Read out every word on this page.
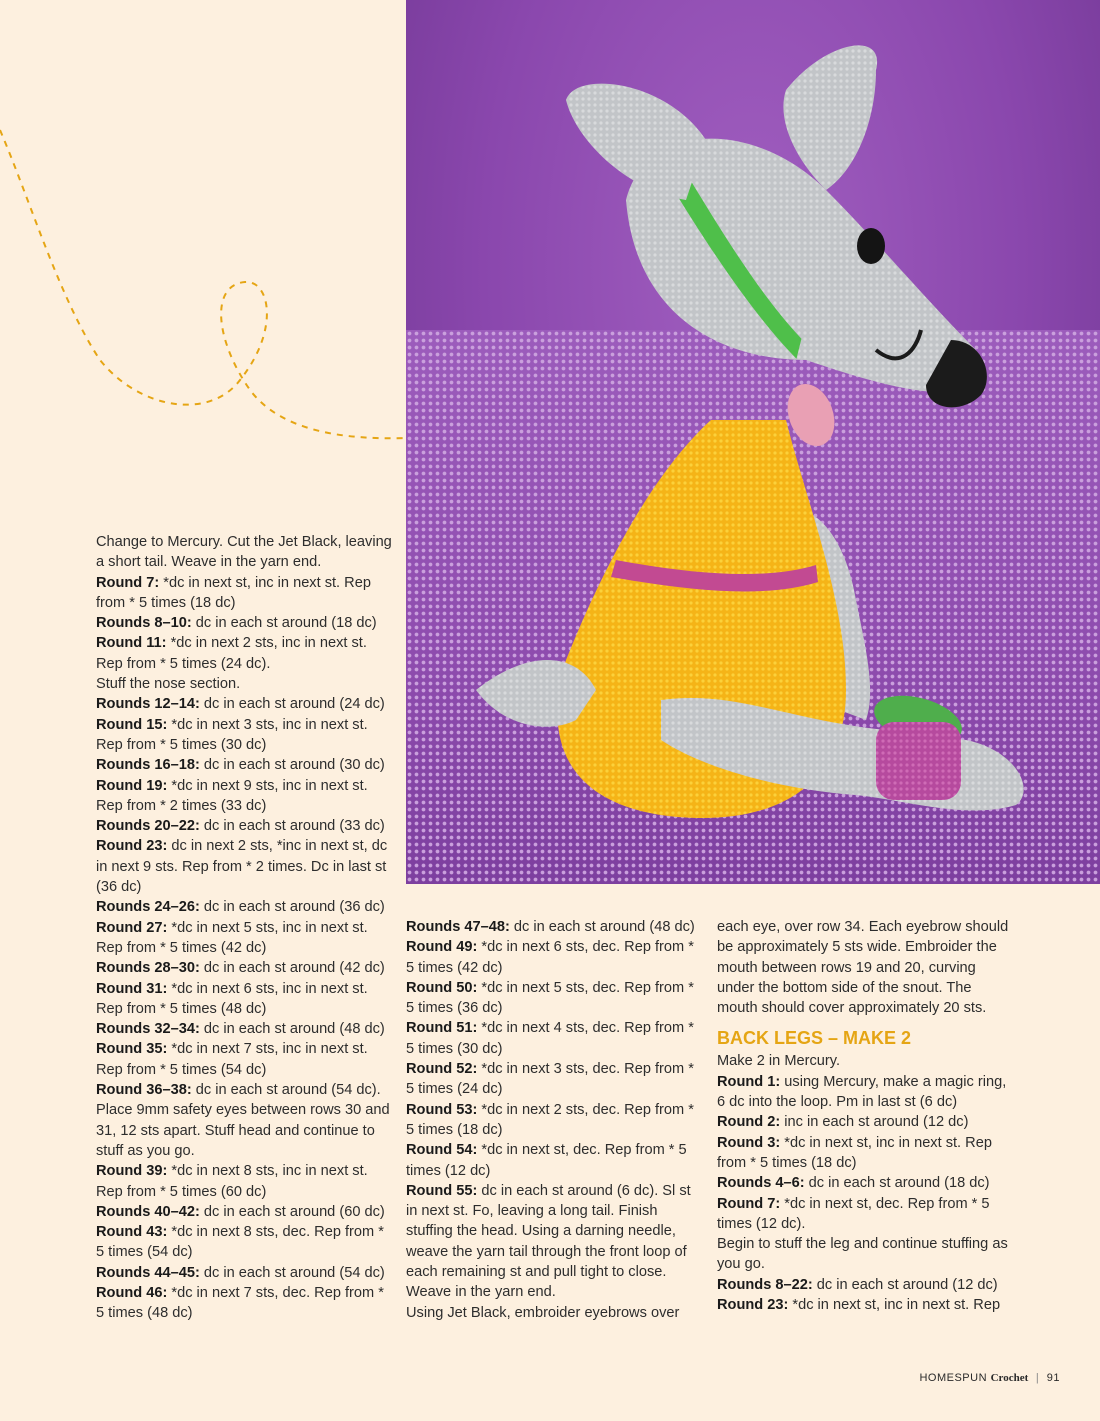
Change to Mercury. Cut the Jet Black, leaving a short tail. Weave in the yarn end.

Round 7: *dc in next st, inc in next st. Rep from * 5 times (18 dc)

Rounds 8–10: dc in each st around (18 dc)

Round 11: *dc in next 2 sts, inc in next st. Rep from * 5 times (24 dc).

Stuff the nose section.

Rounds 12–14: dc in each st around (24 dc)

Round 15: *dc in next 3 sts, inc in next st. Rep from * 5 times (30 dc)

Rounds 16–18: dc in each st around (30 dc)

Round 19: *dc in next 9 sts, inc in next st. Rep from * 2 times (33 dc)

Rounds 20–22: dc in each st around (33 dc)

Round 23: dc in next 2 sts, *inc in next st, dc in next 9 sts. Rep from * 2 times. Dc in last st (36 dc)

Rounds 24–26: dc in each st around (36 dc)

Round 27: *dc in next 5 sts, inc in next st. Rep from * 5 times (42 dc)

Rounds 28–30: dc in each st around (42 dc)

Round 31: *dc in next 6 sts, inc in next st. Rep from * 5 times (48 dc)

Rounds 32–34: dc in each st around (48 dc)

Round 35: *dc in next 7 sts, inc in next st. Rep from * 5 times (54 dc)

Round 36–38: dc in each st around (54 dc). Place 9mm safety eyes between rows 30 and 31, 12 sts apart. Stuff head and continue to stuff as you go.

Round 39: *dc in next 8 sts, inc in next st. Rep from * 5 times (60 dc)

Rounds 40–42: dc in each st around (60 dc)

Round 43: *dc in next 8 sts, dec. Rep from * 5 times (54 dc)

Rounds 44–45: dc in each st around (54 dc)

Round 46: *dc in next 7 sts, dec. Rep from * 5 times (48 dc)

Rounds 47–48: dc in each st around (48 dc)

Round 49: *dc in next 6 sts, dec. Rep from * 5 times (42 dc)

Round 50: *dc in next 5 sts, dec. Rep from * 5 times (36 dc)

Round 51: *dc in next 4 sts, dec. Rep from * 5 times (30 dc)

Round 52: *dc in next 3 sts, dec. Rep from * 5 times (24 dc)

Round 53: *dc in next 2 sts, dec. Rep from * 5 times (18 dc)

Round 54: *dc in next st, dec. Rep from * 5 times (12 dc)

Round 55: dc in each st around (6 dc). Sl st in next st. Fo, leaving a long tail. Finish stuffing the head. Using a darning needle, weave the yarn tail through the front loop of each remaining st and pull tight to close. Weave in the yarn end.

Using Jet Black, embroider eyebrows over

each eye, over row 34. Each eyebrow should be approximately 5 sts wide. Embroider the mouth between rows 19 and 20, curving under the bottom side of the snout. The mouth should cover approximately 20 sts.

BACK LEGS – MAKE 2

Make 2 in Mercury.

Round 1: using Mercury, make a magic ring, 6 dc into the loop. Pm in last st (6 dc)

Round 2: inc in each st around (12 dc)

Round 3: *dc in next st, inc in next st. Rep from * 5 times (18 dc)

Rounds 4–6: dc in each st around (18 dc)

Round 7: *dc in next st, dec. Rep from * 5 times (12 dc).

Begin to stuff the leg and continue stuffing as you go.

Rounds 8–22: dc in each st around (12 dc)

Round 23: *dc in next st, inc in next st. Rep

HOMESPUN Crochet | 91
